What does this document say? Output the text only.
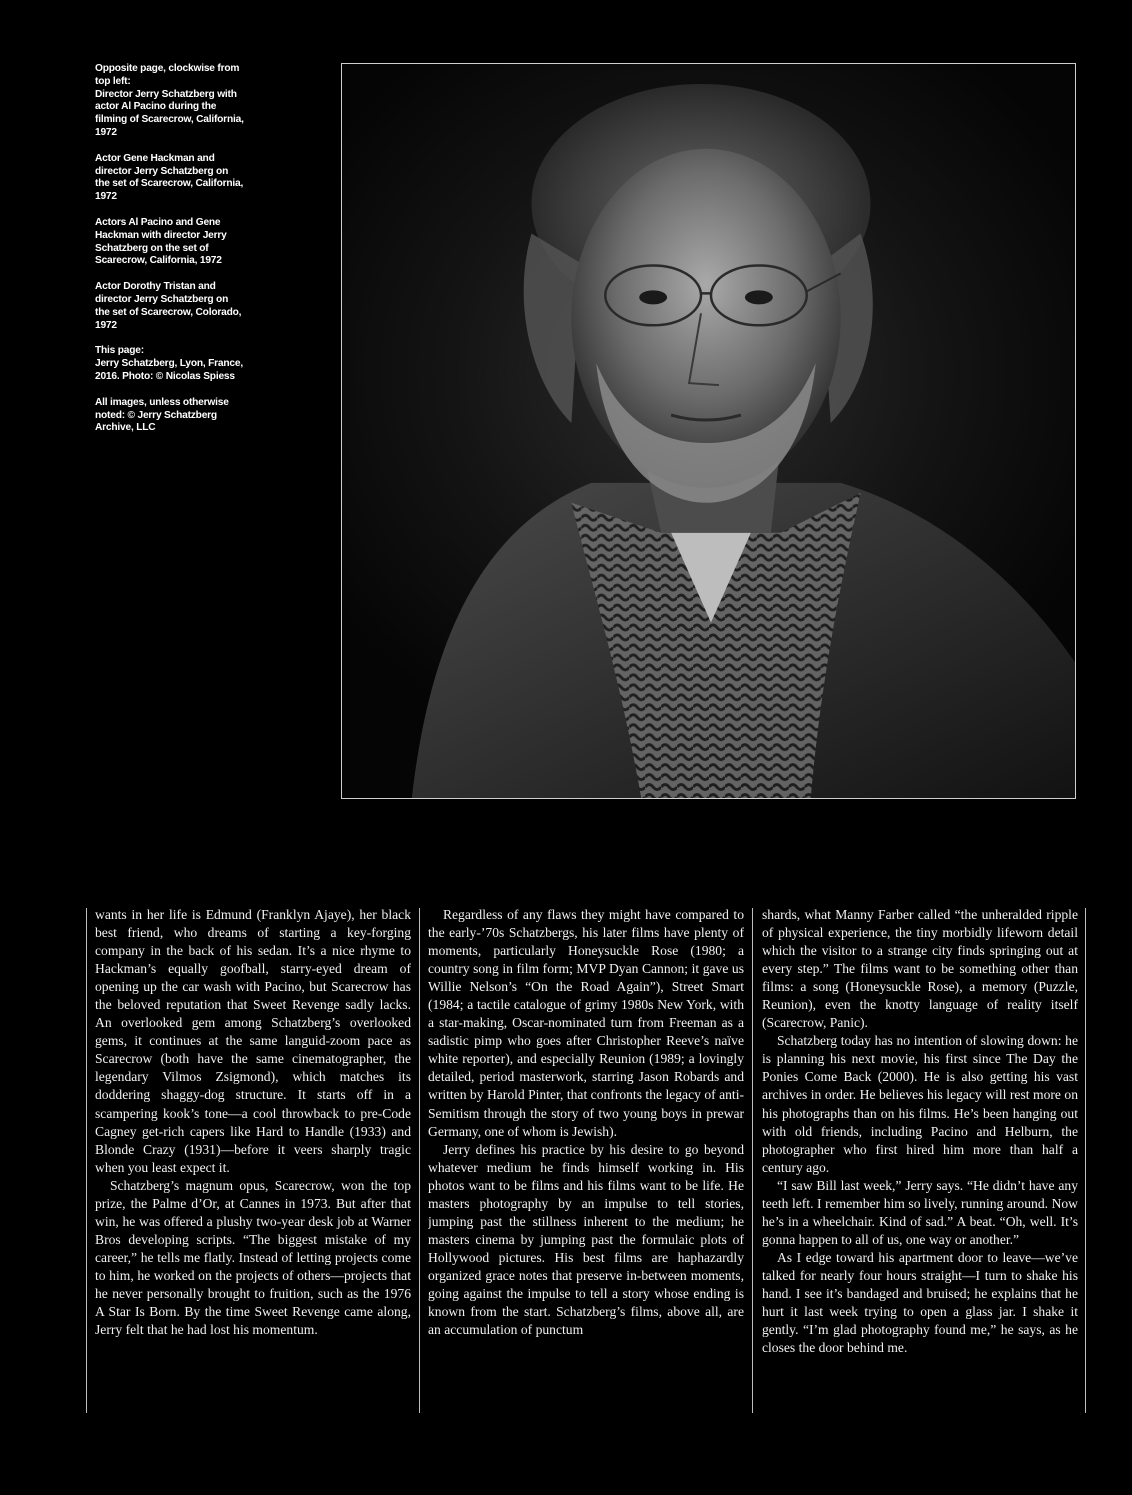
Opposite page, clockwise from top left:
Director Jerry Schatzberg with actor Al Pacino during the filming of Scarecrow, California, 1972

Actor Gene Hackman and director Jerry Schatzberg on the set of Scarecrow, California, 1972

Actors Al Pacino and Gene Hackman with director Jerry Schatzberg on the set of Scarecrow, California, 1972

Actor Dorothy Tristan and director Jerry Schatzberg on the set of Scarecrow, Colorado, 1972

This page:
Jerry Schatzberg, Lyon, France, 2016. Photo: © Nicolas Spiess

All images, unless otherwise noted: © Jerry Schatzberg Archive, LLC

wants in her life is Edmund (Franklyn Ajaye), her black best friend, who dreams of starting a key-forging company in the back of his sedan. It’s a nice rhyme to Hackman’s equally goofball, starry-eyed dream of opening up the car wash with Pacino, but Scarecrow has the beloved reputation that Sweet Revenge sadly lacks. An overlooked gem among Schatzberg’s overlooked gems, it continues at the same languid-zoom pace as Scarecrow (both have the same cinematographer, the legendary Vilmos Zsigmond), which matches its doddering shaggy-dog structure. It starts off in a scampering kook’s tone—a cool throwback to pre-Code Cagney get-rich capers like Hard to Handle (1933) and Blonde Crazy (1931)—before it veers sharply tragic when you least expect it.

Schatzberg’s magnum opus, Scarecrow, won the top prize, the Palme d’Or, at Cannes in 1973. But after that win, he was offered a plushy two-year desk job at Warner Bros developing scripts. “The biggest mistake of my career,” he tells me flatly. Instead of letting projects come to him, he worked on the projects of others—projects that he never personally brought to fruition, such as the 1976 A Star Is Born. By the time Sweet Revenge came along, Jerry felt that he had lost his momentum.

Regardless of any flaws they might have compared to the early-’70s Schatzbergs, his later films have plenty of moments, particularly Honeysuckle Rose (1980; a country song in film form; MVP Dyan Cannon; it gave us Willie Nelson’s “On the Road Again”), Street Smart (1984; a tactile catalogue of grimy 1980s New York, with a star-making, Oscar-nominated turn from Freeman as a sadistic pimp who goes after Christopher Reeve’s naïve white reporter), and especially Reunion (1989; a lovingly detailed, period masterwork, starring Jason Robards and written by Harold Pinter, that confronts the legacy of anti-Semitism through the story of two young boys in prewar Germany, one of whom is Jewish).

Jerry defines his practice by his desire to go beyond whatever medium he finds himself working in. His photos want to be films and his films want to be life. He masters photography by an impulse to tell stories, jumping past the stillness inherent to the medium; he masters cinema by jumping past the formulaic plots of Hollywood pictures. His best films are haphazardly organized grace notes that preserve in-between moments, going against the impulse to tell a story whose ending is known from the start. Schatzberg’s films, above all, are an accumulation of punctum

shards, what Manny Farber called “the unheralded ripple of physical experience, the tiny morbidly lifeworn detail which the visitor to a strange city finds springing out at every step.” The films want to be something other than films: a song (Honeysuckle Rose), a memory (Puzzle, Reunion), even the knotty language of reality itself (Scarecrow, Panic).

Schatzberg today has no intention of slowing down: he is planning his next movie, his first since The Day the Ponies Come Back (2000). He is also getting his vast archives in order. He believes his legacy will rest more on his photographs than on his films. He’s been hanging out with old friends, including Pacino and Helburn, the photographer who first hired him more than half a century ago.

“I saw Bill last week,” Jerry says. “He didn’t have any teeth left. I remember him so lively, running around. Now he’s in a wheelchair. Kind of sad.” A beat. “Oh, well. It’s gonna happen to all of us, one way or another.”

As I edge toward his apartment door to leave—we’ve talked for nearly four hours straight—I turn to shake his hand. I see it’s bandaged and bruised; he explains that he hurt it last week trying to open a glass jar. I shake it gently. “I’m glad photography found me,” he says, as he closes the door behind me.
